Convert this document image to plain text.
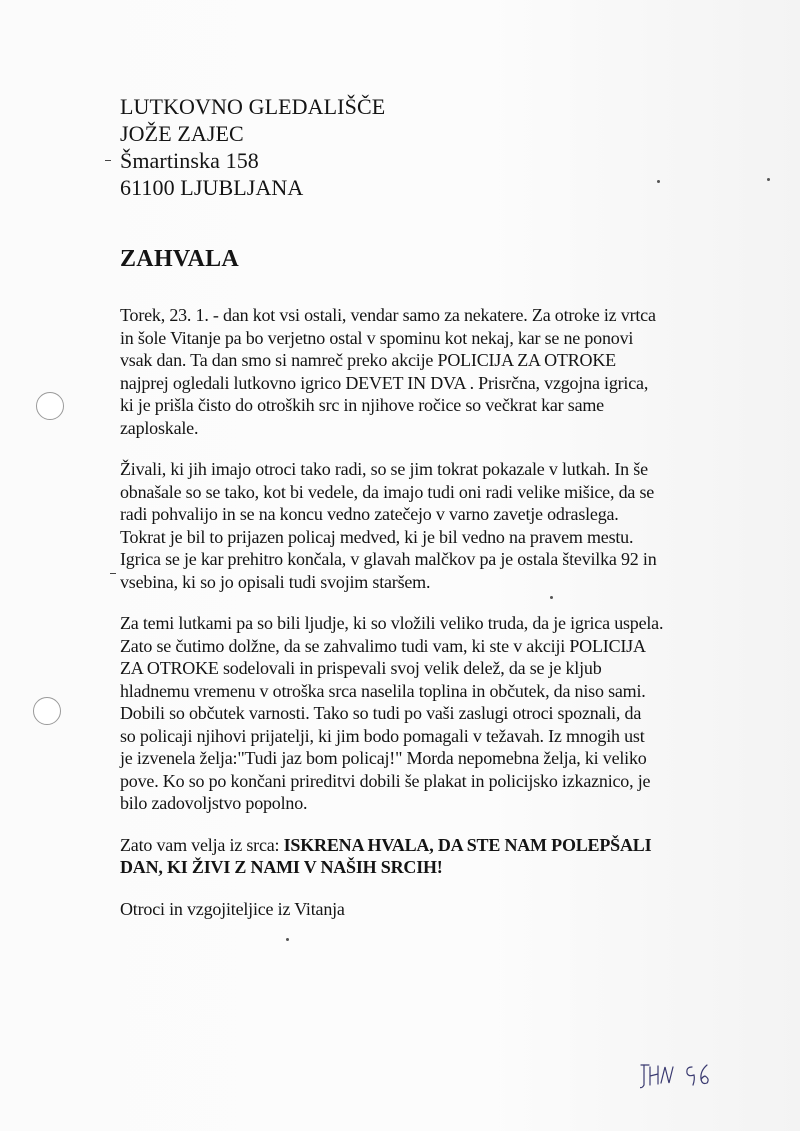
LUTKOVNO GLEDALIŠČE
JOŽE ZAJEC
Šmartinska 158
61100 LJUBLJANA
ZAHVALA
Torek, 23. 1. - dan kot vsi ostali, vendar samo za nekatere. Za otroke iz vrtca
in šole Vitanje pa bo verjetno ostal v spominu kot nekaj, kar se ne ponovi
vsak dan. Ta dan smo si namreč preko akcije POLICIJA ZA OTROKE
najprej ogledali lutkovno igrico DEVET IN DVA . Prisrčna, vzgojna igrica,
ki je prišla čisto do otroških src in njihove ročice so večkrat kar same
zaploskale.
Živali, ki jih imajo otroci tako radi, so se jim tokrat pokazale v lutkah. In še
obnašale so se tako, kot bi vedele, da imajo tudi oni radi velike mišice, da se
radi pohvalijo in se na koncu vedno zatečejo v varno zavetje odraslega.
Tokrat je bil to prijazen policaj medved, ki je bil vedno na pravem mestu.
Igrica se je kar prehitro končala, v glavah malčkov pa je ostala številka 92 in
vsebina, ki so jo opisali tudi svojim staršem.
Za temi lutkami pa so bili ljudje, ki so vložili veliko truda, da je igrica uspela.
Zato se čutimo dolžne, da se zahvalimo tudi vam, ki ste v akciji POLICIJA
ZA OTROKE sodelovali in prispevali svoj velik delež, da se je kljub
hladnemu vremenu v otroška srca naselila toplina in občutek, da niso sami.
Dobili so občutek varnosti. Tako so tudi po vaši zaslugi otroci spoznali, da
so policaji njihovi prijatelji, ki jim bodo pomagali v težavah. Iz mnogih ust
je izvenela želja:"Tudi jaz bom policaj!" Morda nepomebna želja, ki veliko
pove. Ko so po končani prireditvi dobili še plakat in policijsko izkaznico, je
bilo zadovoljstvo popolno.
Zato vam velja iz srca: ISKRENA HVALA, DA STE NAM POLEPŠALI
DAN, KI ŽIVI Z NAMI V NAŠIH SRCIH!
Otroci in vzgojiteljice iz Vitanja
